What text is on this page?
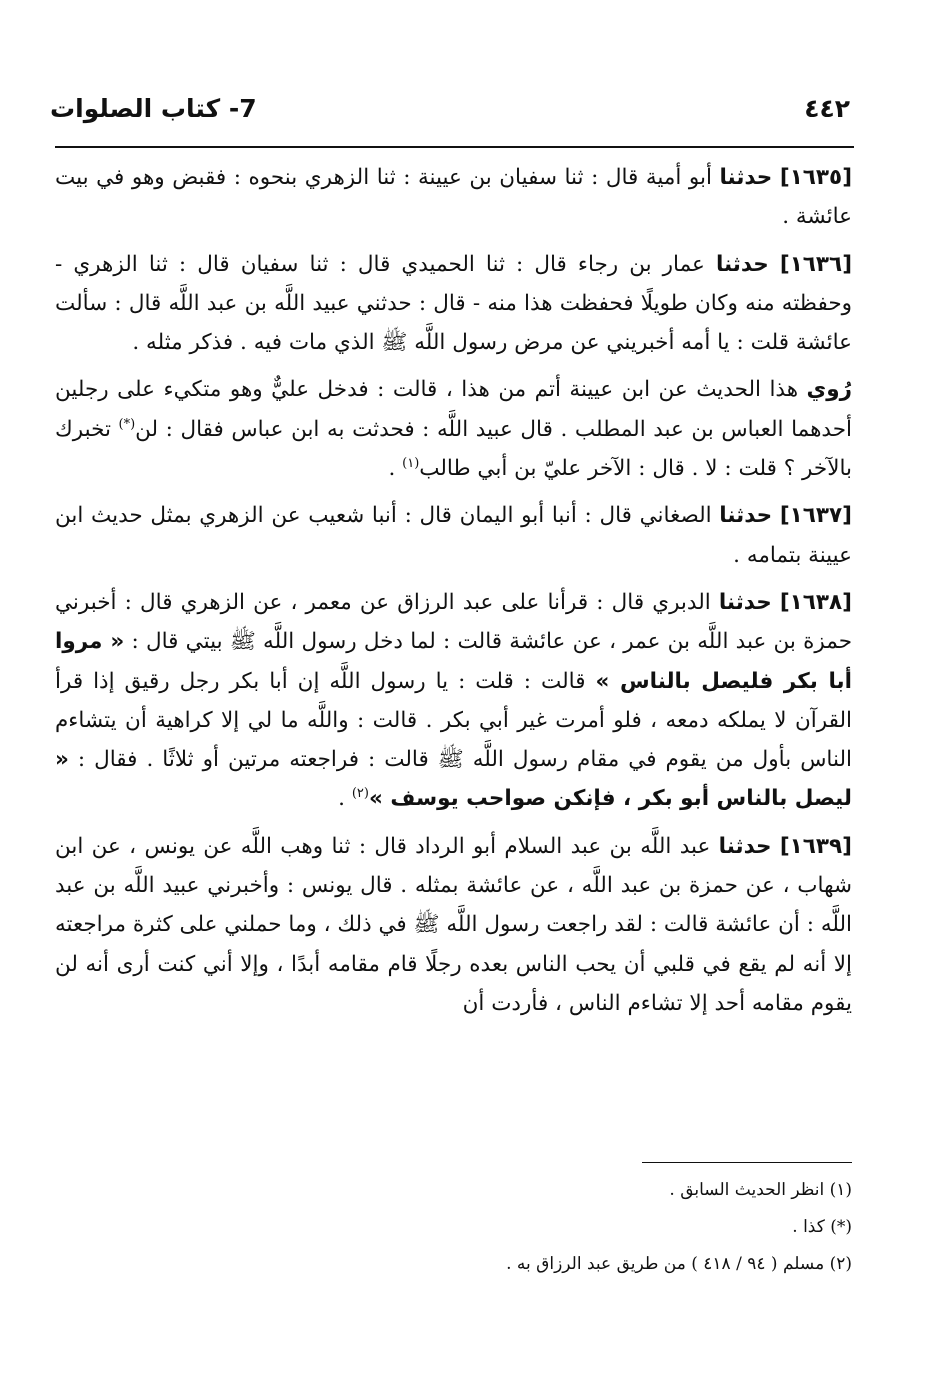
٤٤٢
7- كتاب الصلوات

[١٦٣٥] حدثنا أبو أمية قال : ثنا سفيان بن عيينة : ثنا الزهري بنحوه : فقبض وهو في بيت عائشة .

[١٦٣٦] حدثنا عمار بن رجاء قال : ثنا الحميدي قال : ثنا سفيان قال : ثنا الزهري - وحفظته منه وكان طويلًا فحفظت هذا منه - قال : حدثني عبيد اللَّه بن عبد اللَّه قال : سألت عائشة قلت : يا أمه أخبريني عن مرض رسول اللَّه ﷺ الذي مات فيه . فذكر مثله .

رُوي هذا الحديث عن ابن عيينة أتم من هذا ، قالت : فدخل عليٌّ وهو متكيء على رجلين أحدهما العباس بن عبد المطلب . قال عبيد اللَّه : فحدثت به ابن عباس فقال : لن(*) تخبرك بالآخر ؟ قلت : لا . قال : الآخر عليّ بن أبي طالب$^{(١)}$ .

[١٦٣٧] حدثنا الصغاني قال : أنبا أبو اليمان قال : أنبا شعيب عن الزهري بمثل حديث ابن عيينة بتمامه .

[١٦٣٨] حدثنا الدبري قال : قرأنا على عبد الرزاق عن معمر ، عن الزهري قال : أخبرني حمزة بن عبد اللَّه بن عمر ، عن عائشة قالت : لما دخل رسول اللَّه ﷺ بيتي قال : « مروا أبا بكر فليصل بالناس » قالت : قلت : يا رسول اللَّه إن أبا بكر رجل رقيق إذا قرأ القرآن لا يملكه دمعه ، فلو أمرت غير أبي بكر . قالت : واللَّه ما لي إلا كراهية أن يتشاءم الناس بأول من يقوم في مقام رسول اللَّه ﷺ قالت : فراجعته مرتين أو ثلاثًا . فقال : « ليصل بالناس أبو بكر ، فإنكن صواحب يوسف »$^{(٢)}$ .

[١٦٣٩] حدثنا عبد اللَّه بن عبد السلام أبو الرداد قال : ثنا وهب اللَّه عن يونس ، عن ابن شهاب ، عن حمزة بن عبد اللَّه ، عن عائشة بمثله . قال يونس : وأخبرني عبيد اللَّه بن عبد اللَّه : أن عائشة قالت : لقد راجعت رسول اللَّه ﷺ في ذلك ، وما حملني على كثرة مراجعته إلا أنه لم يقع في قلبي أن يحب الناس بعده رجلًا قام مقامه أبدًا ، وإلا أني كنت أرى أنه لن يقوم مقامه أحد إلا تشاءم الناس ، فأردت أن

(١) انظر الحديث السابق .
(*) كذا .
(٢) مسلم ( ٩٤ / ٤١٨ ) من طريق عبد الرزاق به .
